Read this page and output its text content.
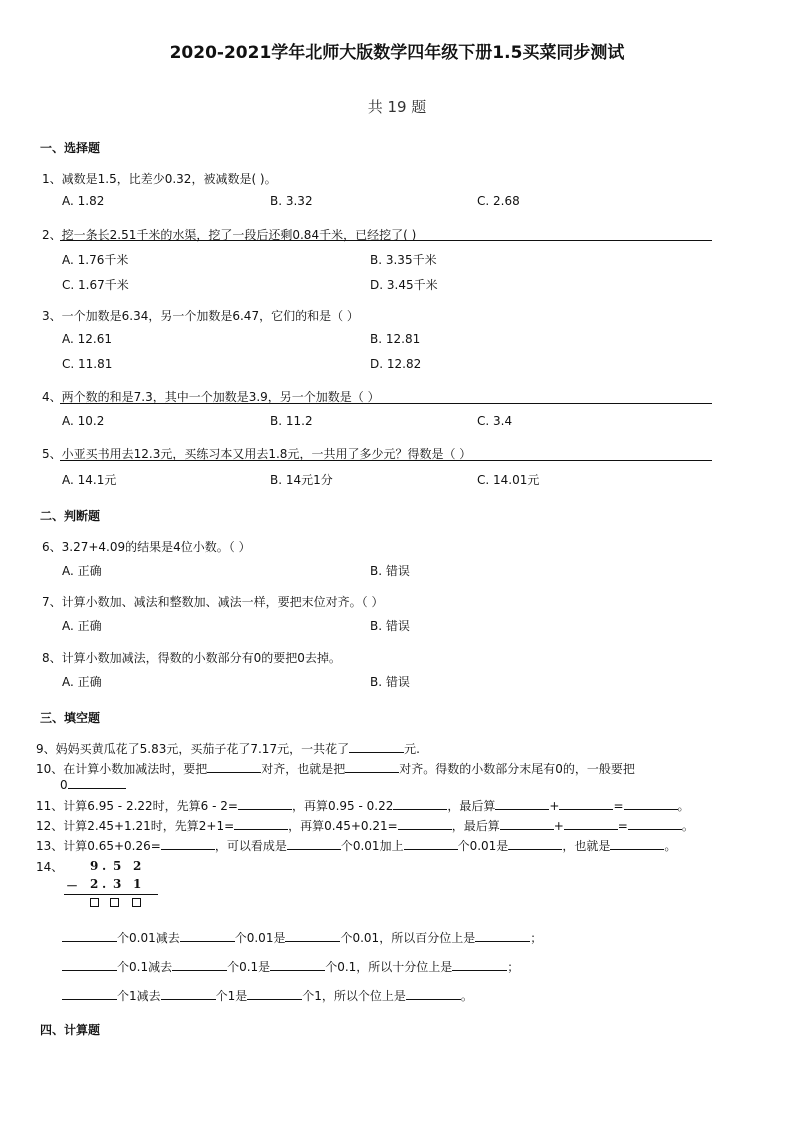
2020-2021学年北师大版数学四年级下册1.5买菜同步测试
共 19 题
一、选择题
1、减数是1.5，比差少0.32，被减数是( )。
A. 1.82	B. 3.32	C. 2.68
2、挖一条长2.51千米的水渠，挖了一段后还剩0.84千米，已经挖了( )
A. 1.76千米	B. 3.35千米
C. 1.67千米	D. 3.45千米
3、一个加数是6.34，另一个加数是6.47，它们的和是（ ）
A. 12.61	B. 12.81
C. 11.81	D. 12.82
4、两个数的和是7.3，其中一个加数是3.9，另一个加数是（ ）
A. 10.2	B. 11.2	C. 3.4
5、小亚买书用去12.3元，买练习本又用去1.8元，一共用了多少元？得数是（ ）
A. 14.1元	B. 14元1分	C. 14.01元
二、判断题
6、3.27+4.09的结果是4位小数。（ ）
A. 正确	B. 错误
7、计算小数加、减法和整数加、减法一样，要把末位对齐。（ ）
A. 正确	B. 错误
8、计算小数加减法，得数的小数部分有0的要把0去掉。
A. 正确	B. 错误
三、填空题
9、妈妈买黄瓜花了5.83元，买茄子花了7.17元，一共花了	元.
10、在计算小数加减法时，要把	对齐，也就是把	对齐。得数的小数部分末尾有0的，一般要把
0
11、计算6.95 - 2.22时，先算6 - 2=	，再算0.95 - 0.22	，最后算	+	=	。
12、计算2.45+1.21时，先算2+1=	，再算0.45+0.21=	，最后算	+	=	。
13、计算0.65+0.26=	，可以看成是	个0.01加上	个0.01是	，也就是	。
14、 9 . 5 2
－ 2 . 3 1
个0.01减去	个0.01是	个0.01，所以百分位上是	；
个0.1减去	个0.1是	个0.1，所以十分位上是	；
个1减去	个1是	个1，所以个位上是	。
四、计算题
